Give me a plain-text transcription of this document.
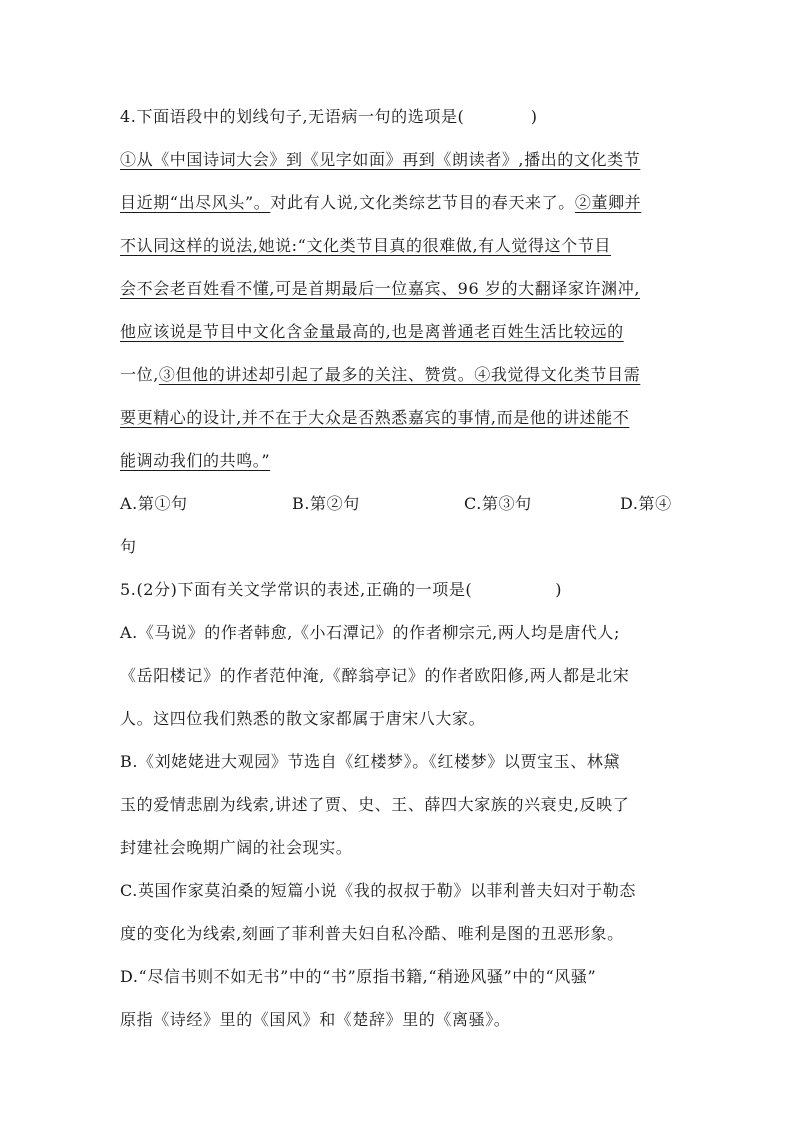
4.下面语段中的划线句子,无语病一句的选项是(　　　　)
①从《中国诗词大会》到《见字如面》再到《朗读者》,播出的文化类节
目近期“出尽风头”。对此有人说,文化类综艺节目的春天来了。②董卿并
不认同这样的说法,她说:“文化类节目真的很难做,有人觉得这个节目
会不会老百姓看不懂,可是首期最后一位嘉宾、96 岁的大翻译家许渊冲,
他应该说是节目中文化含金量最高的,也是离普通老百姓生活比较远的
一位,③但他的讲述却引起了最多的关注、赞赏。④我觉得文化类节目需
要更精心的设计,并不在于大众是否熟悉嘉宾的事情,而是他的讲述能不
能调动我们的共鸣。”
A.第①句	B.第②句	C.第③句	D.第④
句
5.(2分)下面有关文学常识的表述,正确的一项是(　　　　　)
A.《马说》的作者韩愈,《小石潭记》的作者柳宗元,两人均是唐代人;
《岳阳楼记》的作者范仲淹,《醉翁亭记》的作者欧阳修,两人都是北宋
人。这四位我们熟悉的散文家都属于唐宋八大家。
B.《刘姥姥进大观园》节选自《红楼梦》。《红楼梦》以贾宝玉、林黛
玉的爱情悲剧为线索,讲述了贾、史、王、薛四大家族的兴衰史,反映了
封建社会晚期广阔的社会现实。
C.英国作家莫泊桑的短篇小说《我的叔叔于勒》以菲利普夫妇对于勒态
度的变化为线索,刻画了菲利普夫妇自私冷酷、唯利是图的丑恶形象。
D.“尽信书则不如无书”中的“书”原指书籍,“稍逊风骚”中的“风骚”
原指《诗经》里的《国风》和《楚辞》里的《离骚》。
